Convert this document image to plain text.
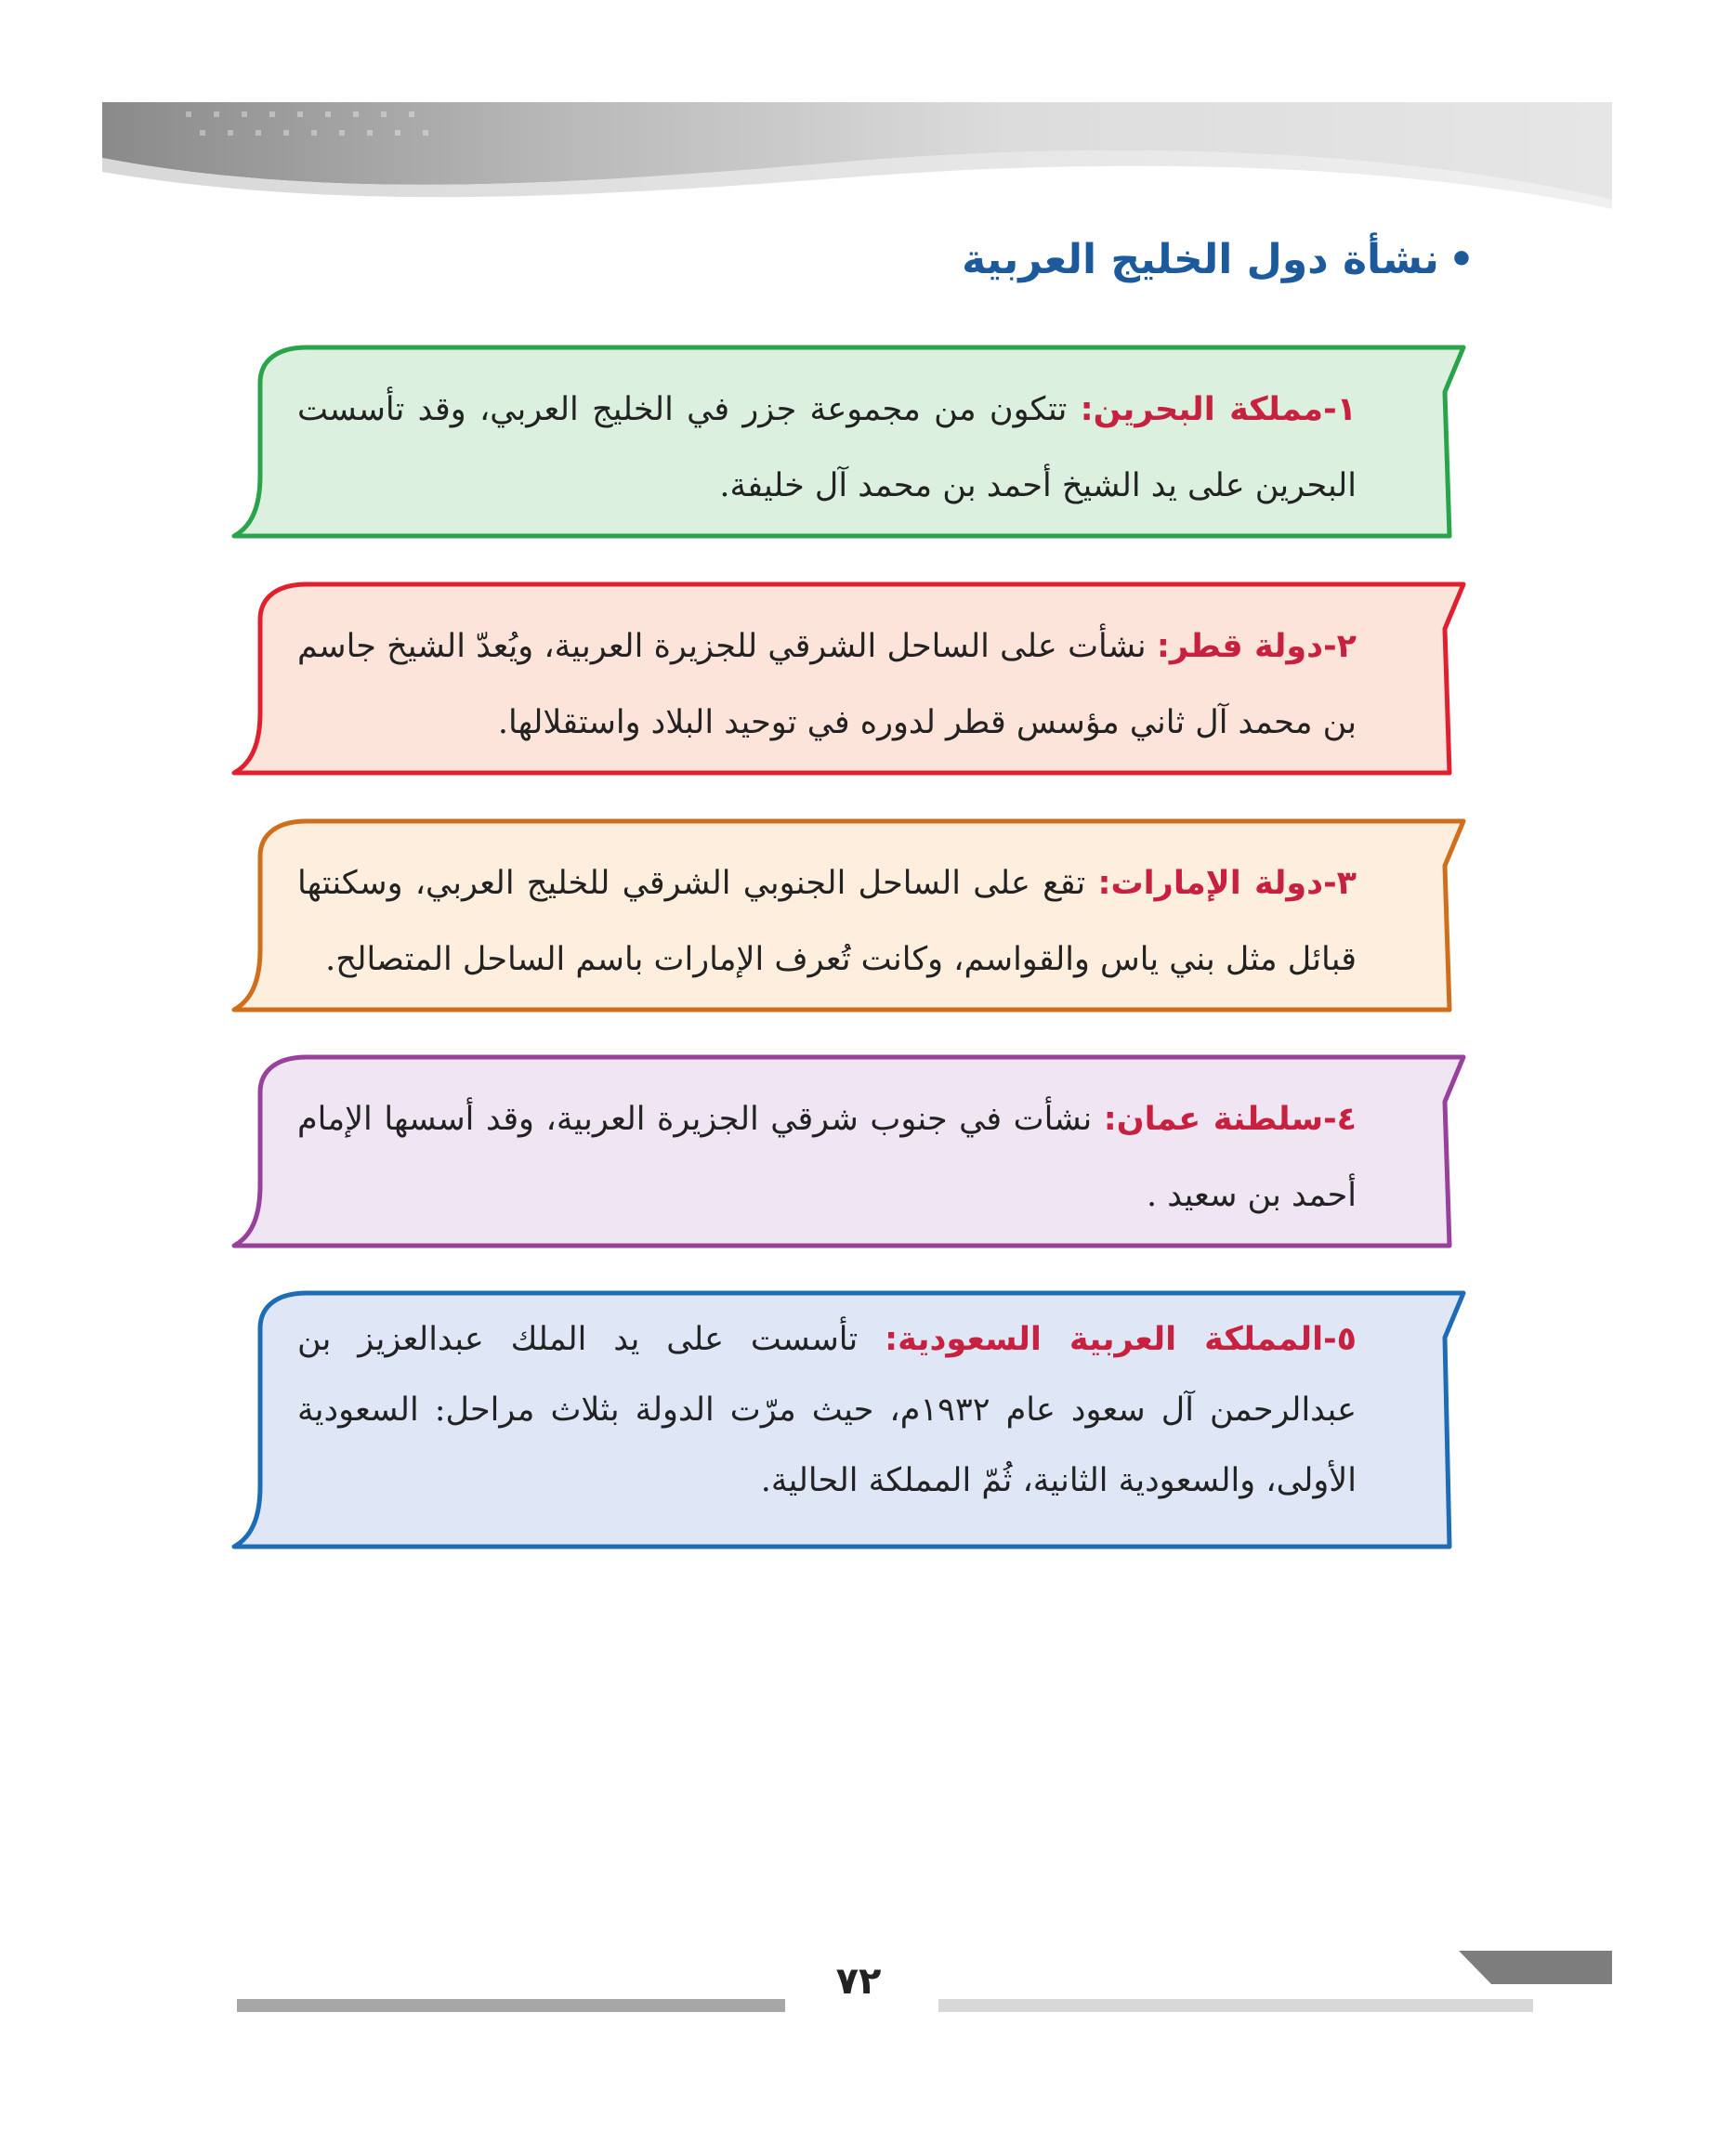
•نشأة دول الخليج العربية
١-مملكة البحرين: تتكون من مجموعة جزر في الخليج العربي، وقد تأسست البحرين على يد الشيخ أحمد بن محمد آل خليفة.
٢-دولة قطر: نشأت على الساحل الشرقي للجزيرة العربية، ويُعدّ الشيخ جاسم بن محمد آل ثاني مؤسس قطر لدوره في توحيد البلاد واستقلالها.
٣-دولة الإمارات: تقع على الساحل الجنوبي الشرقي للخليج العربي، وسكنتها قبائل مثل بني ياس والقواسم، وكانت تُعرف الإمارات باسم الساحل المتصالح.
٤-سلطنة عمان: نشأت في جنوب شرقي الجزيرة العربية، وقد أسسها الإمام أحمد بن سعيد .
٥-المملكة العربية السعودية: تأسست على يد الملك عبدالعزيز بن عبدالرحمن آل سعود عام ١٩٣٢م، حيث مرّت الدولة بثلاث مراحل: السعودية الأولى، والسعودية الثانية، ثُمّ المملكة الحالية.
٧٢
